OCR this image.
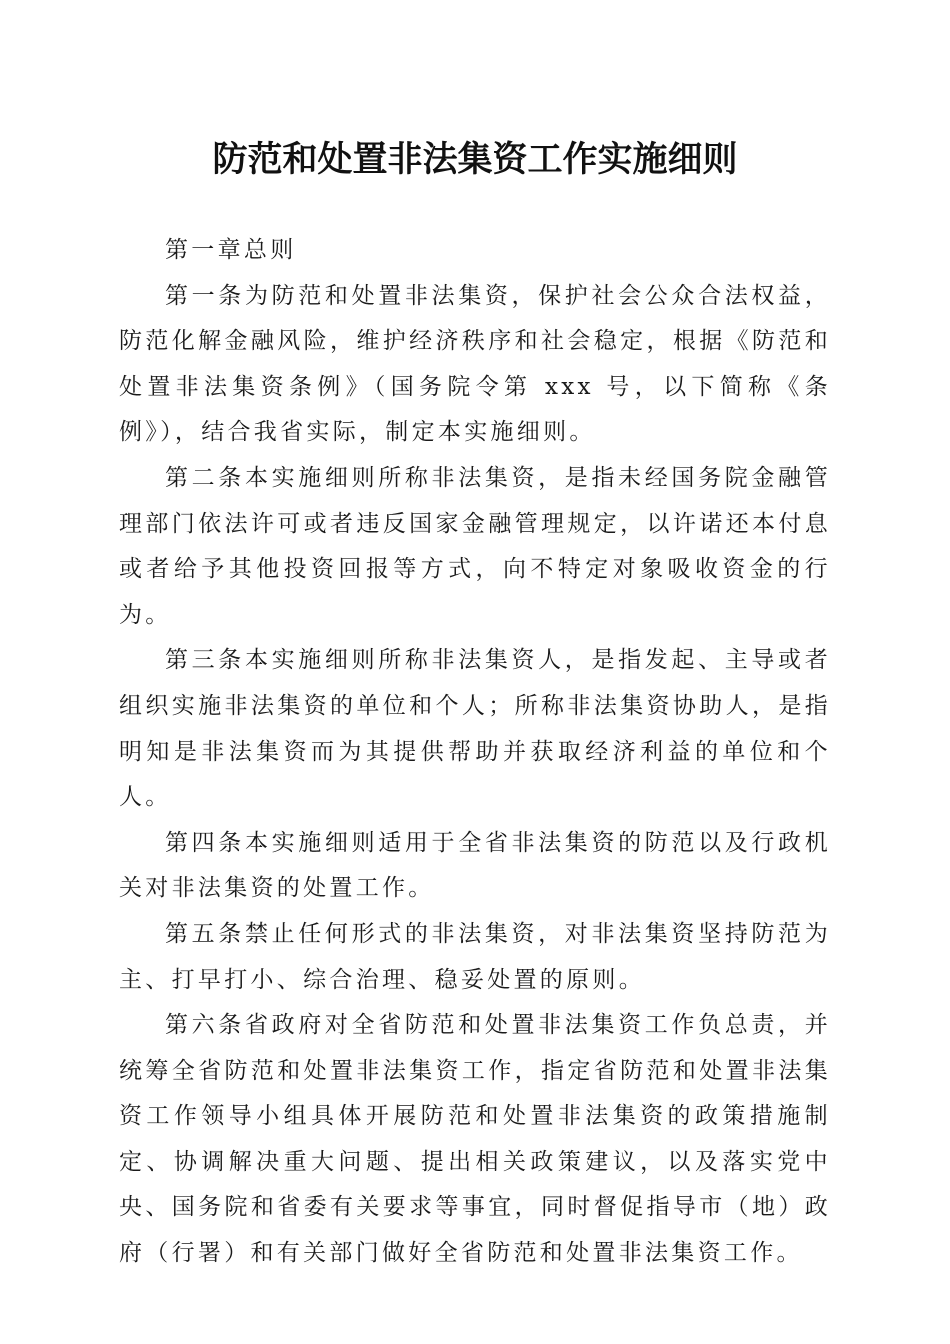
防范和处置非法集资工作实施细则

第一章总则

第一条为防范和处置非法集资，保护社会公众合法权益，防范化解金融风险，维护经济秩序和社会稳定，根据《防范和处置非法集资条例》（国务院令第 xxx 号，以下简称《条例》），结合我省实际，制定本实施细则。

第二条本实施细则所称非法集资，是指未经国务院金融管理部门依法许可或者违反国家金融管理规定，以许诺还本付息或者给予其他投资回报等方式，向不特定对象吸收资金的行为。

第三条本实施细则所称非法集资人，是指发起、主导或者组织实施非法集资的单位和个人；所称非法集资协助人，是指明知是非法集资而为其提供帮助并获取经济利益的单位和个人。

第四条本实施细则适用于全省非法集资的防范以及行政机关对非法集资的处置工作。

第五条禁止任何形式的非法集资，对非法集资坚持防范为主、打早打小、综合治理、稳妥处置的原则。

第六条省政府对全省防范和处置非法集资工作负总责，并统筹全省防范和处置非法集资工作，指定省防范和处置非法集资工作领导小组具体开展防范和处置非法集资的政策措施制定、协调解决重大问题、提出相关政策建议，以及落实党中央、国务院和省委有关要求等事宜，同时督促指导市（地）政府（行署）和有关部门做好全省防范和处置非法集资工作。
